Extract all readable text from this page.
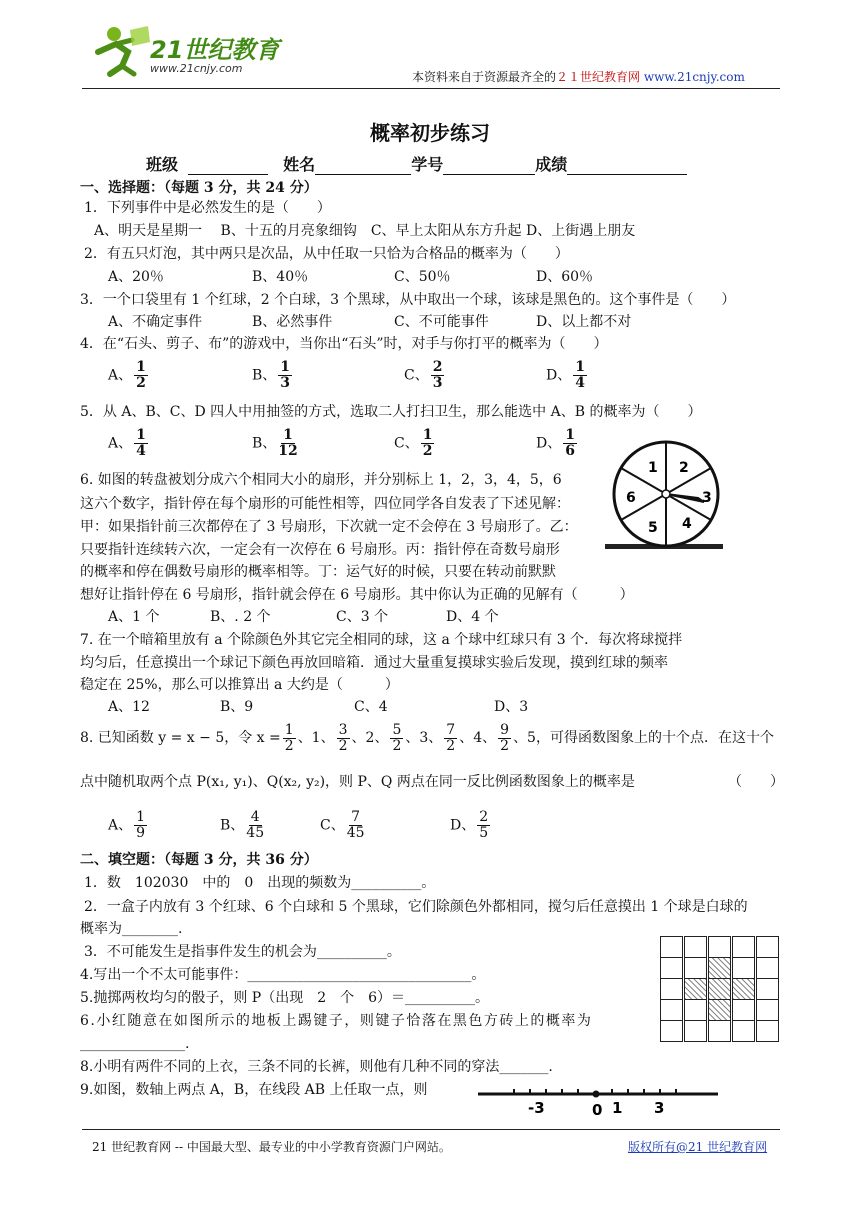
21世纪教育
www.21cnjy.com
本资料来自于资源最齐全的２１世纪教育网 www.21cnjy.com
概率初步练习
班级	姓名	学号	成绩
一、选择题：（每题 3 分，共 24 分）
1．下列事件中是必然发生的是（　　）
A、明天是星期一　 B、十五的月亮象细钩　C、早上太阳从东方升起 D、上街遇上朋友
2．有五只灯泡，其中两只是次品，从中任取一只恰为合格品的概率为（　　）
A、20％	B、40％	C、50％	D、60％
3．一个口袋里有 1 个红球，2 个白球，3 个黑球，从中取出一个球，该球是黑色的。这个事件是（　　）
A、不确定事件	B、必然事件	C、不可能事件	D、以上都不对
4．在“石头、剪子、布”的游戏中，当你出“石头”时，对手与你打平的概率为（　　）
A、 $\frac{1}{2}$	B、 $\frac{1}{3}$	C、 $\frac{2}{3}$	D、 $\frac{1}{4}$
5．从 A、B、C、D 四人中用抽签的方式，选取二人打扫卫生，那么能选中 A、B 的概率为（　　）
A、 $\frac{1}{4}$	B、 $\frac{1}{12}$	C、 $\frac{1}{2}$	D、 $\frac{1}{6}$
1 2
3
4
5
6
6. 如图的转盘被划分成六个相同大小的扇形，并分别标上 1，2，3，4，5，6
这六个数字，指针停在每个扇形的可能性相等，四位同学各自发表了下述见解：
甲：如果指针前三次都停在了 3 号扇形，下次就一定不会停在 3 号扇形了。乙：
只要指针连续转六次，一定会有一次停在 6 号扇形。丙：指针停在奇数号扇形
的概率和停在偶数号扇形的概率相等。丁：运气好的时候，只要在转动前默默
想好让指针停在 6 号扇形，指针就会停在 6 号扇形。其中你认为正确的见解有（　　　）
A、1 个	B、. 2 个	C、3 个	D、4 个
7. 在一个暗箱里放有 a 个除颜色外其它完全相同的球，这 a 个球中红球只有 3 个．每次将球搅拌
均匀后，任意摸出一个球记下颜色再放回暗箱．通过大量重复摸球实验后发现，摸到红球的频率
稳定在 25%，那么可以推算出 a 大约是（　　　）
A、12	B、9	C、4	D、3
8. 已知函数 y = x − 5，令 $x = \frac{1}{2}$ 、1、 $\frac{3}{2}$ 、2、 $\frac{5}{2}$ 、3、 $\frac{7}{2}$ 、4、 $\frac{9}{2}$ 、5，可得函数图象上的十个点．在这十个
点中随机取两个点 P(x₁, y₁)、Q(x₂, y₂)，则 P、Q 两点在同一反比例函数图象上的概率是	（　　）
A、 $\frac{1}{9}$	B、 $\frac{4}{45}$	C、 $\frac{7}{45}$	D、 $\frac{2}{5}$
二、填空题：（每题 3 分，共 36 分）
1．数　102030　中的　0　出现的频数为__________。
2．一盒子内放有 3 个红球、6 个白球和 5 个黑球，它们除颜色外都相同，搅匀后任意摸出 1 个球是白球的
概率为________.
3．不可能发生是指事件发生的机会为__________。
4.写出一个不太可能事件：________________________________。
5.抛掷两枚均匀的骰子，则 P（出现　2　个　6）＝__________。
6.小红随意在如图所示的地板上踢键子，则键子恰落在黑色方砖上的概率为
_______________.
8.小明有两件不同的上衣，三条不同的长裤，则他有几种不同的穿法_______.
9.如图，数轴上两点 A，B，在线段 AB 上任取一点，则
-3	0 1 3
21 世纪教育网 -- 中国最大型、最专业的中小学教育资源门户网站。	版权所有@21 世纪教育网
